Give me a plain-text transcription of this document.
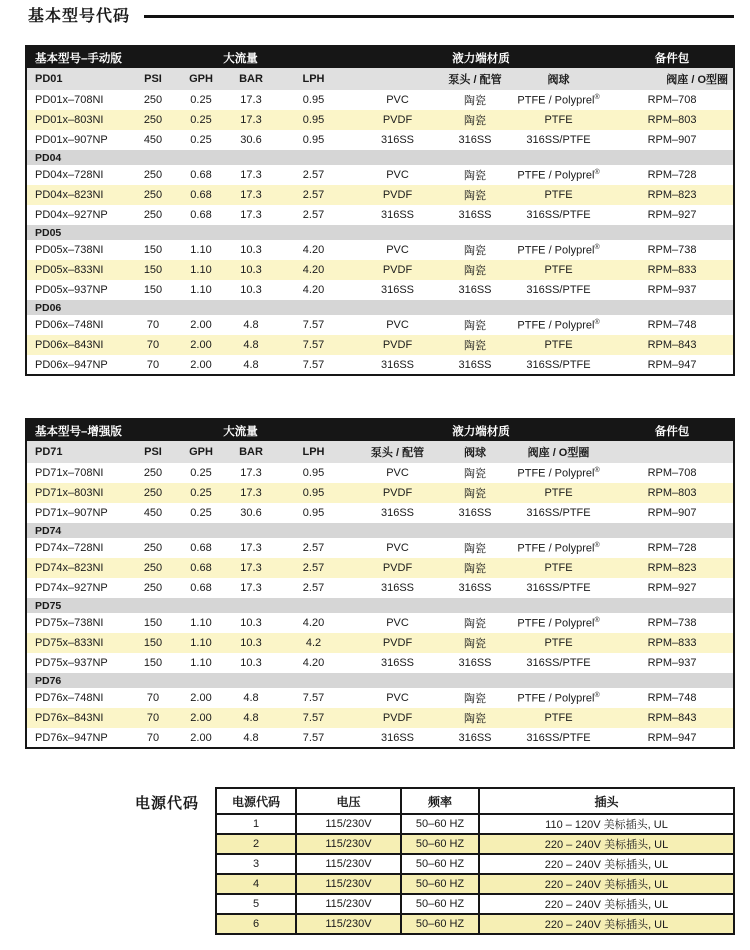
基本型号代码
基本型号–手动版	大流量				液力端材质			备件包
PD01	PSI	GPH	BAR	LPH		泵头 / 配管	阀球	阀座 / O型圈
PD01x–708NI	250	0.25	17.3	0.95	PVC	陶瓷	PTFE / Polyprel®	RPM–708
PD01x–803NI	250	0.25	17.3	0.95	PVDF	陶瓷	PTFE	RPM–803
PD01x–907NP	450	0.25	30.6	0.95	316SS	316SS	316SS/PTFE	RPM–907
PD04								
PD04x–728NI	250	0.68	17.3	2.57	PVC	陶瓷	PTFE / Polyprel®	RPM–728
PD04x–823NI	250	0.68	17.3	2.57	PVDF	陶瓷	PTFE	RPM–823
PD04x–927NP	250	0.68	17.3	2.57	316SS	316SS	316SS/PTFE	RPM–927
PD05								
PD05x–738NI	150	1.10	10.3	4.20	PVC	陶瓷	PTFE / Polyprel®	RPM–738
PD05x–833NI	150	1.10	10.3	4.20	PVDF	陶瓷	PTFE	RPM–833
PD05x–937NP	150	1.10	10.3	4.20	316SS	316SS	316SS/PTFE	RPM–937
PD06								
PD06x–748NI	70	2.00	4.8	7.57	PVC	陶瓷	PTFE / Polyprel®	RPM–748
PD06x–843NI	70	2.00	4.8	7.57	PVDF	陶瓷	PTFE	RPM–843
PD06x–947NP	70	2.00	4.8	7.57	316SS	316SS	316SS/PTFE	RPM–947
基本型号–增强版	大流量				液力端材质			备件包
PD71	PSI	GPH	BAR	LPH	泵头 / 配管	阀球	阀座 / O型圈	
PD71x–708NI	250	0.25	17.3	0.95	PVC	陶瓷	PTFE / Polyprel®	RPM–708
PD71x–803NI	250	0.25	17.3	0.95	PVDF	陶瓷	PTFE	RPM–803
PD71x–907NP	450	0.25	30.6	0.95	316SS	316SS	316SS/PTFE	RPM–907
PD74								
PD74x–728NI	250	0.68	17.3	2.57	PVC	陶瓷	PTFE / Polyprel®	RPM–728
PD74x–823NI	250	0.68	17.3	2.57	PVDF	陶瓷	PTFE	RPM–823
PD74x–927NP	250	0.68	17.3	2.57	316SS	316SS	316SS/PTFE	RPM–927
PD75								
PD75x–738NI	150	1.10	10.3	4.20	PVC	陶瓷	PTFE / Polyprel®	RPM–738
PD75x–833NI	150	1.10	10.3	4.2	PVDF	陶瓷	PTFE	RPM–833
PD75x–937NP	150	1.10	10.3	4.20	316SS	316SS	316SS/PTFE	RPM–937
PD76								
PD76x–748NI	70	2.00	4.8	7.57	PVC	陶瓷	PTFE / Polyprel®	RPM–748
PD76x–843NI	70	2.00	4.8	7.57	PVDF	陶瓷	PTFE	RPM–843
PD76x–947NP	70	2.00	4.8	7.57	316SS	316SS	316SS/PTFE	RPM–947
电源代码	电源代码	电压	频率	插头
1	115/230V	50–60 HZ	110 – 120V 美标插头, UL
2	115/230V	50–60 HZ	220 – 240V 美标插头, UL
3	115/230V	50–60 HZ	220 – 240V 美标插头, UL
4	115/230V	50–60 HZ	220 – 240V 美标插头, UL
5	115/230V	50–60 HZ	220 – 240V 美标插头, UL
6	115/230V	50–60 HZ	220 – 240V 美标插头, UL
